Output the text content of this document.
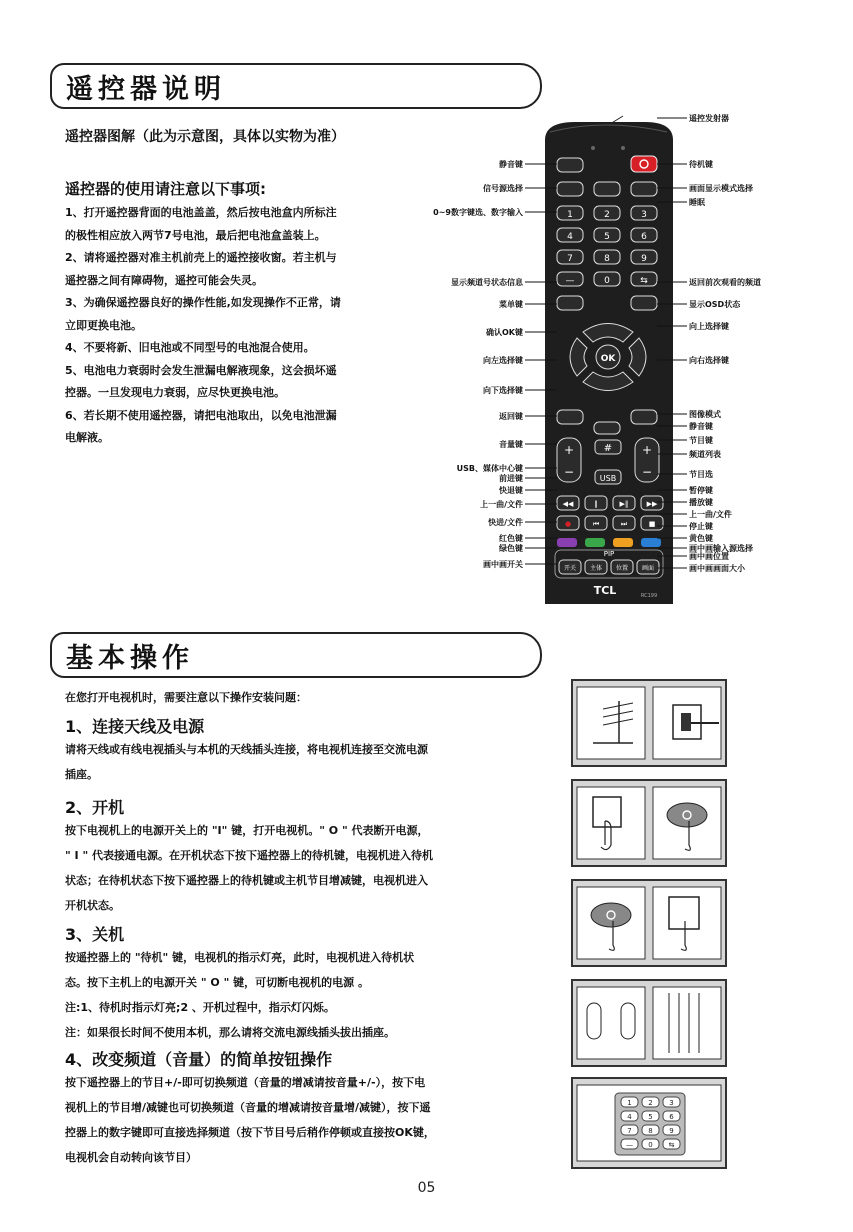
遥控器说明
遥控器图解（此为示意图，具体以实物为准）
遥控器的使用请注意以下事项:

1、打开遥控器背面的电池盖盖，然后按电池盒内所标注

的极性相应放入两节7号电池，最后把电池盒盖装上。

2、请将遥控器对准主机前壳上的遥控接收窗。若主机与

遥控器之间有障碍物，遥控可能会失灵。

3、为确保遥控器良好的操作性能,如发现操作不正常，请

立即更换电池。

4、不要将新、旧电池或不同型号的电池混合使用。

5、电池电力衰弱时会发生泄漏电解液现象，这会损坏遥

控器。一旦发现电力衰弱，应尽快更换电池。

6、若长期不使用遥控器，请把电池取出，以免电池泄漏

电解液。

1	2	3
4	5	6
7	8	9
—	0	⇆
OK
+
−
+
−
#
USB
◀◀	‖	▶‖	▶▶
●	⏮	⏭	■
PIP
开关 主体 位置 画面
TCL	RC199
静音键
信号源选择
0~9数字键选、数字输入
显示频道号状态信息
菜单键
确认OK键
向左选择键
向下选择键
返回键
音量键
USB、媒体中心键
前进键
快退键
上一曲/文件
快进/文件
红色键
绿色键
画中画开关
遥控发射器
待机键
画面显示模式选择
睡眠
返回前次观看的频道
显示OSD状态
向上选择键
向右选择键
图像模式
静音键
节目键
频道列表
节目选
暂停键
播放键
上一曲/文件
停止键
黄色键
画中画输入源选择
画中画位置
画中画画面大小
基本操作
在您打开电视机时，需要注意以下操作安装问题：
1、连接天线及电源

请将天线或有线电视插头与本机的天线插头连接，将电视机连接至交流电源

插座。

2、开机

按下电视机上的电源开关上的 "I" 键，打开电视机。" O " 代表断开电源，

" I " 代表接通电源。在开机状态下按下遥控器上的待机键，电视机进入待机

状态；在待机状态下按下遥控器上的待机键或主机节目增减键，电视机进入

开机状态。

3、关机

按遥控器上的 "待机" 键，电视机的指示灯亮，此时，电视机进入待机状

态。按下主机上的电源开关 " O " 键，可切断电视机的电源 。

注:1、待机时指示灯亮;2 、开机过程中，指示灯闪烁。

注：如果很长时间不使用本机，那么请将交流电源线插头拔出插座。

4、改变频道（音量）的简单按钮操作

按下遥控器上的节目+/-即可切换频道（音量的增减请按音量+/-），按下电

视机上的节目增/减键也可切换频道（音量的增减请按音量增/减键），按下遥

控器上的数字键即可直接选择频道（按下节目号后稍作停顿或直接按OK键，

电视机会自动转向该节目）

1 2 3
4 5 6
7 8 9
— 0 ⇆
05
